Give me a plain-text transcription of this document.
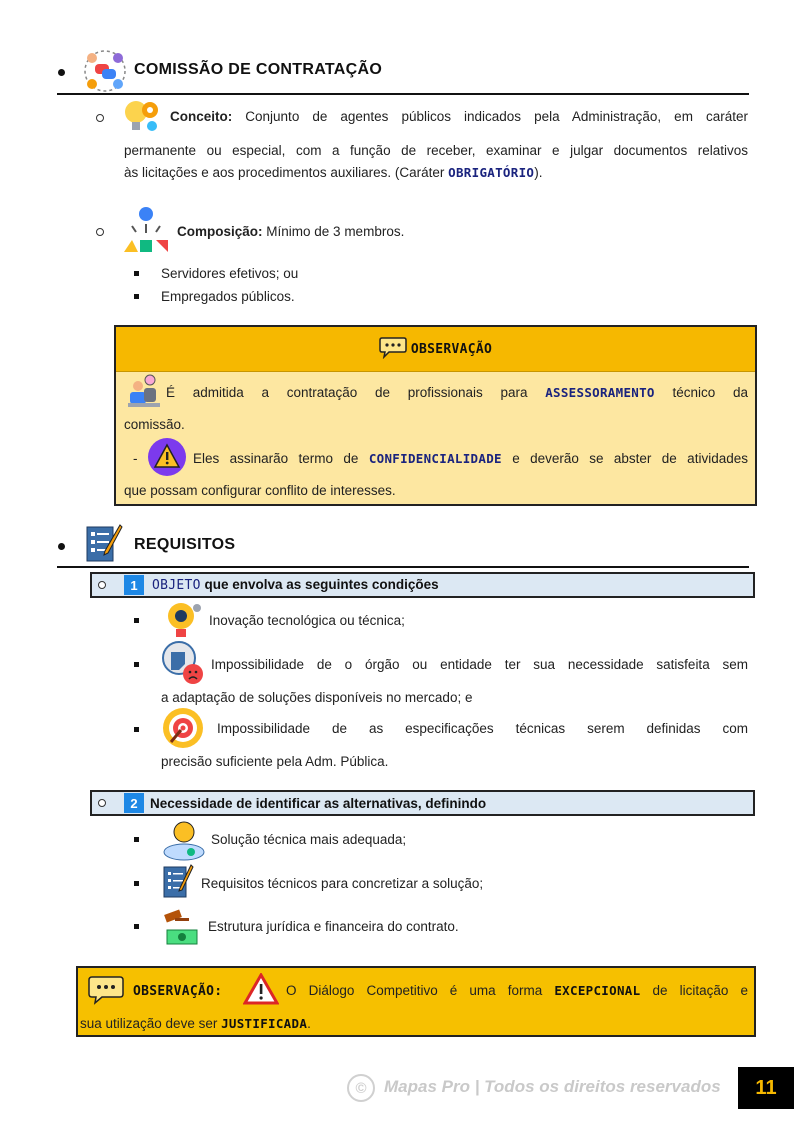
COMISSÃO DE CONTRATAÇÃO
Conceito: Conjunto de agentes públicos indicados pela Administração, em caráter
permanente ou especial, com a função de receber, examinar e julgar documentos relativos
às licitações e aos procedimentos auxiliares. (Caráter OBRIGATÓRIO).
Composição: Mínimo de 3 membros.
Servidores efetivos; ou
Empregados públicos.
OBSERVAÇÃO
É admitida a contratação de profissionais para ASSESSORAMENTO técnico da
comissão.
-	Eles assinarão termo de CONFIDENCIALIDADE e deverão se abster de atividades
que possam configurar conflito de interesses.
REQUISITOS
1	OBJETO que envolva as seguintes condições
Inovação tecnológica ou técnica;
Impossibilidade de o órgão ou entidade ter sua necessidade satisfeita sem
a adaptação de soluções disponíveis no mercado; e
Impossibilidade de as especificações técnicas serem definidas com
precisão suficiente pela Adm. Pública.
2 Necessidade de identificar as alternativas, definindo
Solução técnica mais adequada;
Requisitos técnicos para concretizar a solução;
Estrutura jurídica e financeira do contrato.
OBSERVAÇÃO:	O Diálogo Competitivo é uma forma EXCEPCIONAL de licitação e
sua utilização deve ser JUSTIFICADA.
©	Mapas Pro | Todos os direitos reservados	11
